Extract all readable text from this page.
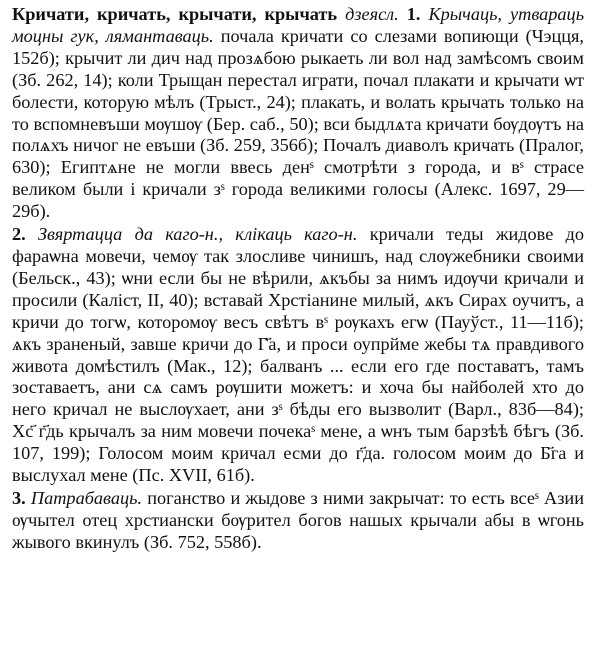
Кричати, кричать, крычати, крычать дзеясл. 1. Крычаць, утвараць моцны гук, лямантаваць. почала кричати со слезами вопиющи (Чэцця, 152б); крычит ли дич над прозѧбою рыкаеть ли вол над замѣсомъ своим (Зб. 262, 14); коли Трыщан перестал играти, почал плакати и крычати ѡт болести, которую мѣлъ (Трыст., 24); плакать, и волать крычать только на то вспомневъши мѹшѹ (Бер. саб., 50); вси быдлѧта кричати бѹдѹтъ на полѧхъ ничог не евъши (Зб. 259, 356б); Почалъ диаволъ кричать (Пралог, 630); Египтѧне не могли ввесь денˢ смотрѣти з города, и вˢ страсе великом были і кричали зˢ города великими голосы (Алекс. 1697, 29—29б).

2. Звяртацца да каго-н., клікаць каго-н. кричали теды жидове до фараѡна мовечи, чемѹ так злосливе чинишъ, над слѹжебники своими (Бельск., 43); ѡни если бы не вѣрили, ѧкъбы за нимъ идѹчи кричали и просили (Каліст, II, 40); вставай Хрстіанине милый, ѧкъ Сирах оучитъ, а кричи до тогѡ, которомѹ весъ свѣтъ вˢ рѹкахъ егѡ (Пауўст., 11—11б); ѧкъ зраненый, завше кричи до Г҃а, и проси оупрйме жебы тѧ правдивого живота домѣстилъ (Мак., 12); балванъ ... если его где поставатъ, тамъ зоставаетъ, ани сѧ самъ рѹшити можетъ: и хоча бы найболей хто до него кричал не выслѹхает, ани зˢ бѣды его вызволит (Варл., 83б—84); Хс҃ г҃дь крычалъ за ним мовечи почекаˢ мене, а ѡнъ тым барзѣѣ бѣгъ (Зб. 107, 199); Голосом моим кричал есми до г҃да. голосом моим до Б҃га и выслухал мене (Пс. XVII, 61б).

3. Патрабаваць. поганство и жыдове з ними закрычат: то есть всеˢ Азии ѹчытел отец хрстиански бѹрител богов нашых крычали абы в ѡгонь жывого вкинулъ (Зб. 752, 558б).
